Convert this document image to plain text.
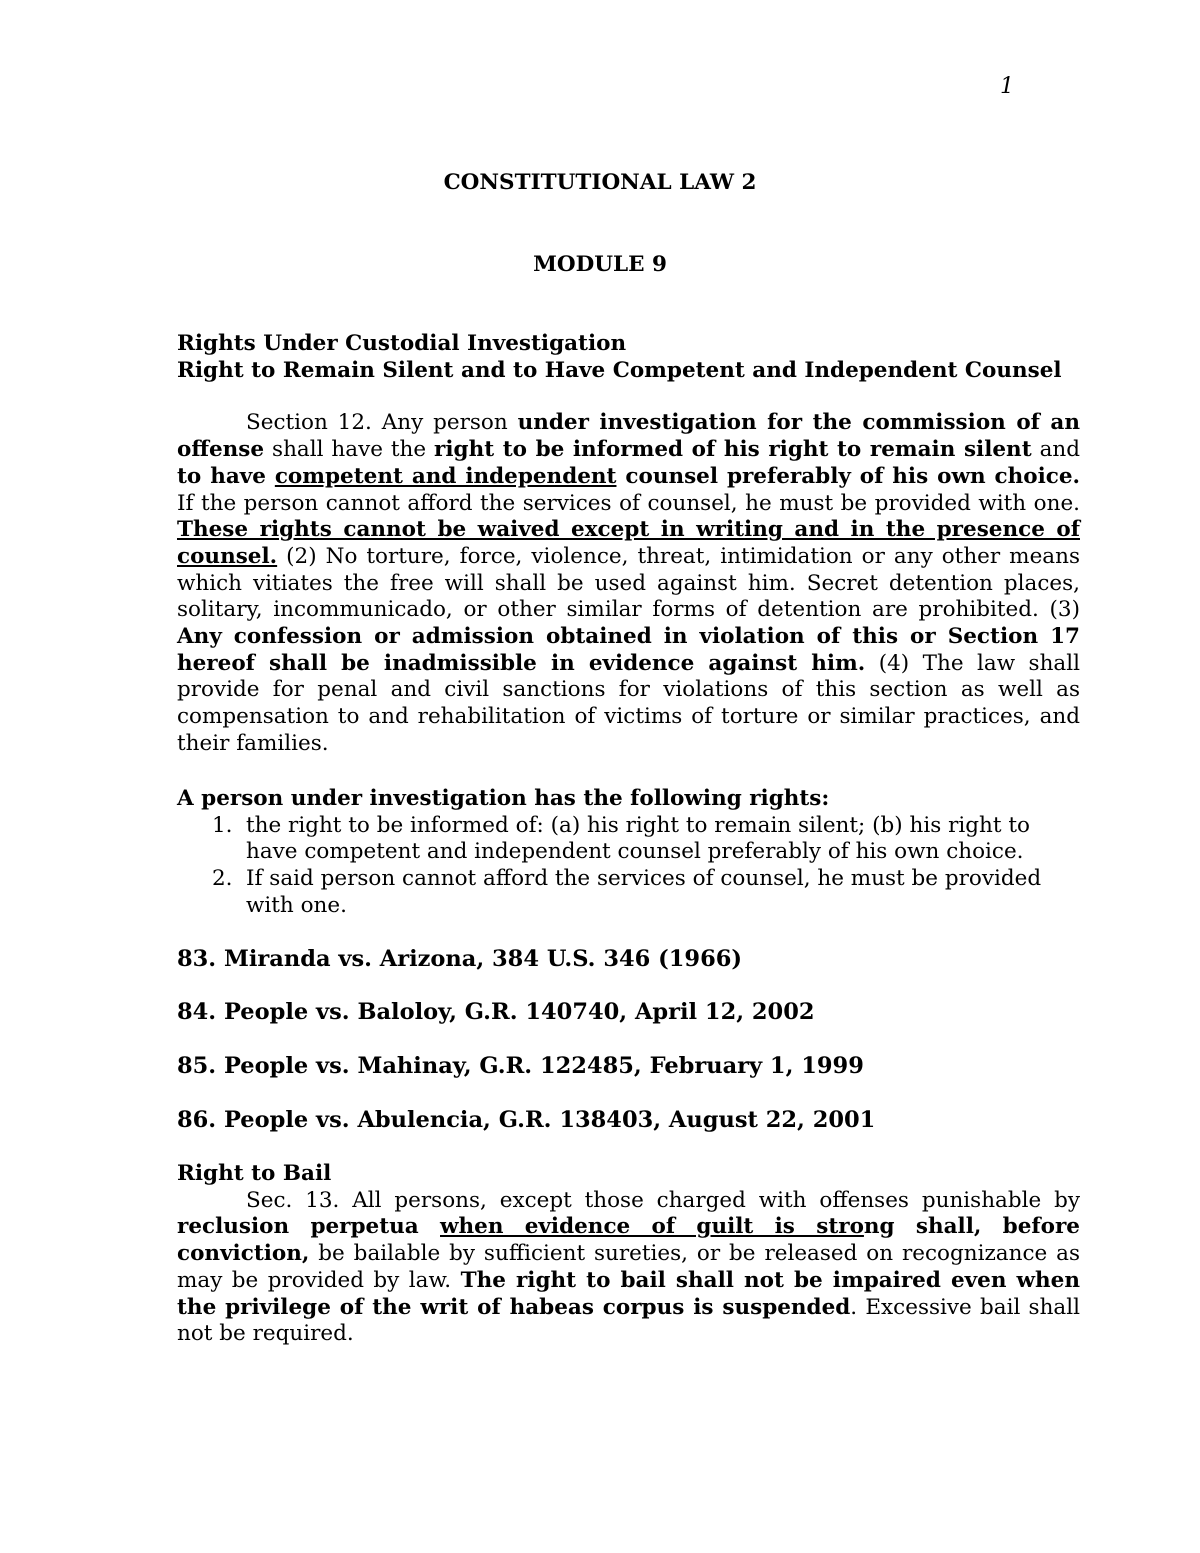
1
CONSTITUTIONAL LAW 2
MODULE 9

Rights Under Custodial Investigation

Right to Remain Silent and to Have Competent and Independent Counsel

Section 12. Any person under investigation for the commission of an offense shall have the right to be informed of his right to remain silent and to have competent and independent counsel preferably of his own choice. If the person cannot afford the services of counsel, he must be provided with one. These rights cannot be waived except in writing and in the presence of counsel. (2) No torture, force, violence, threat, intimidation or any other means which vitiates the free will shall be used against him. Secret detention places, solitary, incommunicado, or other similar forms of detention are prohibited. (3) Any confession or admission obtained in violation of this or Section 17 hereof shall be inadmissible in evidence against him. (4) The law shall provide for penal and civil sanctions for violations of this section as well as compensation to and rehabilitation of victims of torture or similar practices, and their families.

A person under investigation has the following rights:

1. the right to be informed of: (a) his right to remain silent; (b) his right to have competent and independent counsel preferably of his own choice.
2. If said person cannot afford the services of counsel, he must be provided with one.
83. Miranda vs. Arizona, 384 U.S. 346 (1966)
84. People vs. Baloloy, G.R. 140740, April 12, 2002
85. People vs. Mahinay, G.R. 122485, February 1, 1999
86. People vs. Abulencia, G.R. 138403, August 22, 2001

Right to Bail

Sec. 13. All persons, except those charged with offenses punishable by reclusion perpetua when evidence of guilt is strong shall, before conviction, be bailable by sufficient sureties, or be released on recognizance as may be provided by law. The right to bail shall not be impaired even when the privilege of the writ of habeas corpus is suspended. Excessive bail shall not be required.
